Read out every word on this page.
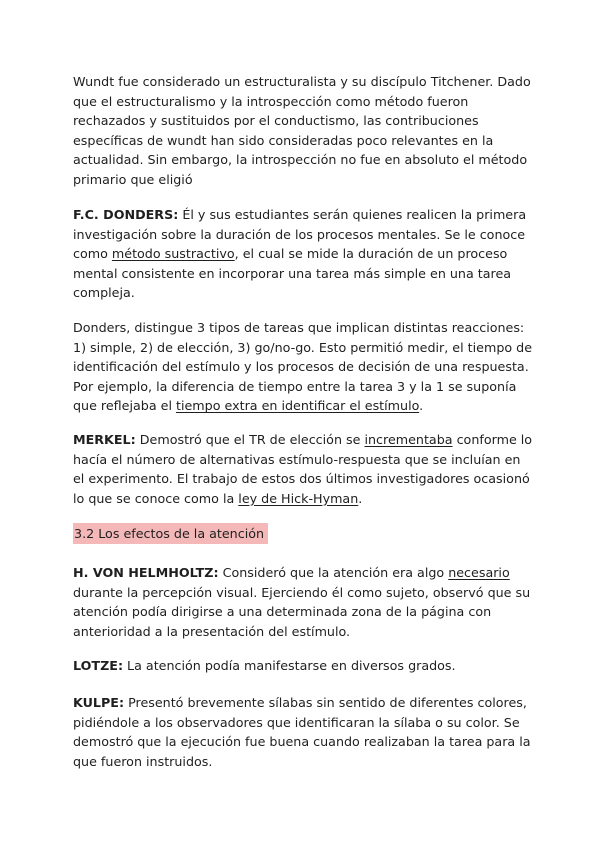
Wundt fue considerado un estructuralista y su discípulo Titchener. Dado que el estructuralismo y la introspección como método fueron rechazados y sustituidos por el conductismo, las contribuciones específicas de wundt han sido consideradas poco relevantes en la actualidad. Sin embargo, la introspección no fue en absoluto el método primario que eligió

F.C. DONDERS: Él y sus estudiantes serán quienes realicen la primera investigación sobre la duración de los procesos mentales. Se le conoce como método sustractivo, el cual se mide la duración de un proceso mental consistente en incorporar una tarea más simple en una tarea compleja.

Donders, distingue 3 tipos de tareas que implican distintas reacciones: 1) simple, 2) de elección, 3) go/no-go. Esto permitió medir, el tiempo de identificación del estímulo y los procesos de decisión de una respuesta. Por ejemplo, la diferencia de tiempo entre la tarea 3 y la 1 se suponía que reflejaba el tiempo extra en identificar el estímulo.

MERKEL: Demostró que el TR de elección se incrementaba conforme lo hacía el número de alternativas estímulo-respuesta que se incluían en el experimento. El trabajo de estos dos últimos investigadores ocasionó lo que se conoce como la ley de Hick-Hyman.

3.2 Los efectos de la atención

H. VON HELMHOLTZ: Consideró que la atención era algo necesario durante la percepción visual. Ejerciendo él como sujeto, observó que su atención podía dirigirse a una determinada zona de la página con anterioridad a la presentación del estímulo.

LOTZE: La atención podía manifestarse en diversos grados.

KULPE: Presentó brevemente sílabas sin sentido de diferentes colores, pidiéndole a los observadores que identificaran la sílaba o su color. Se demostró que la ejecución fue buena cuando realizaban la tarea para la que fueron instruidos.
